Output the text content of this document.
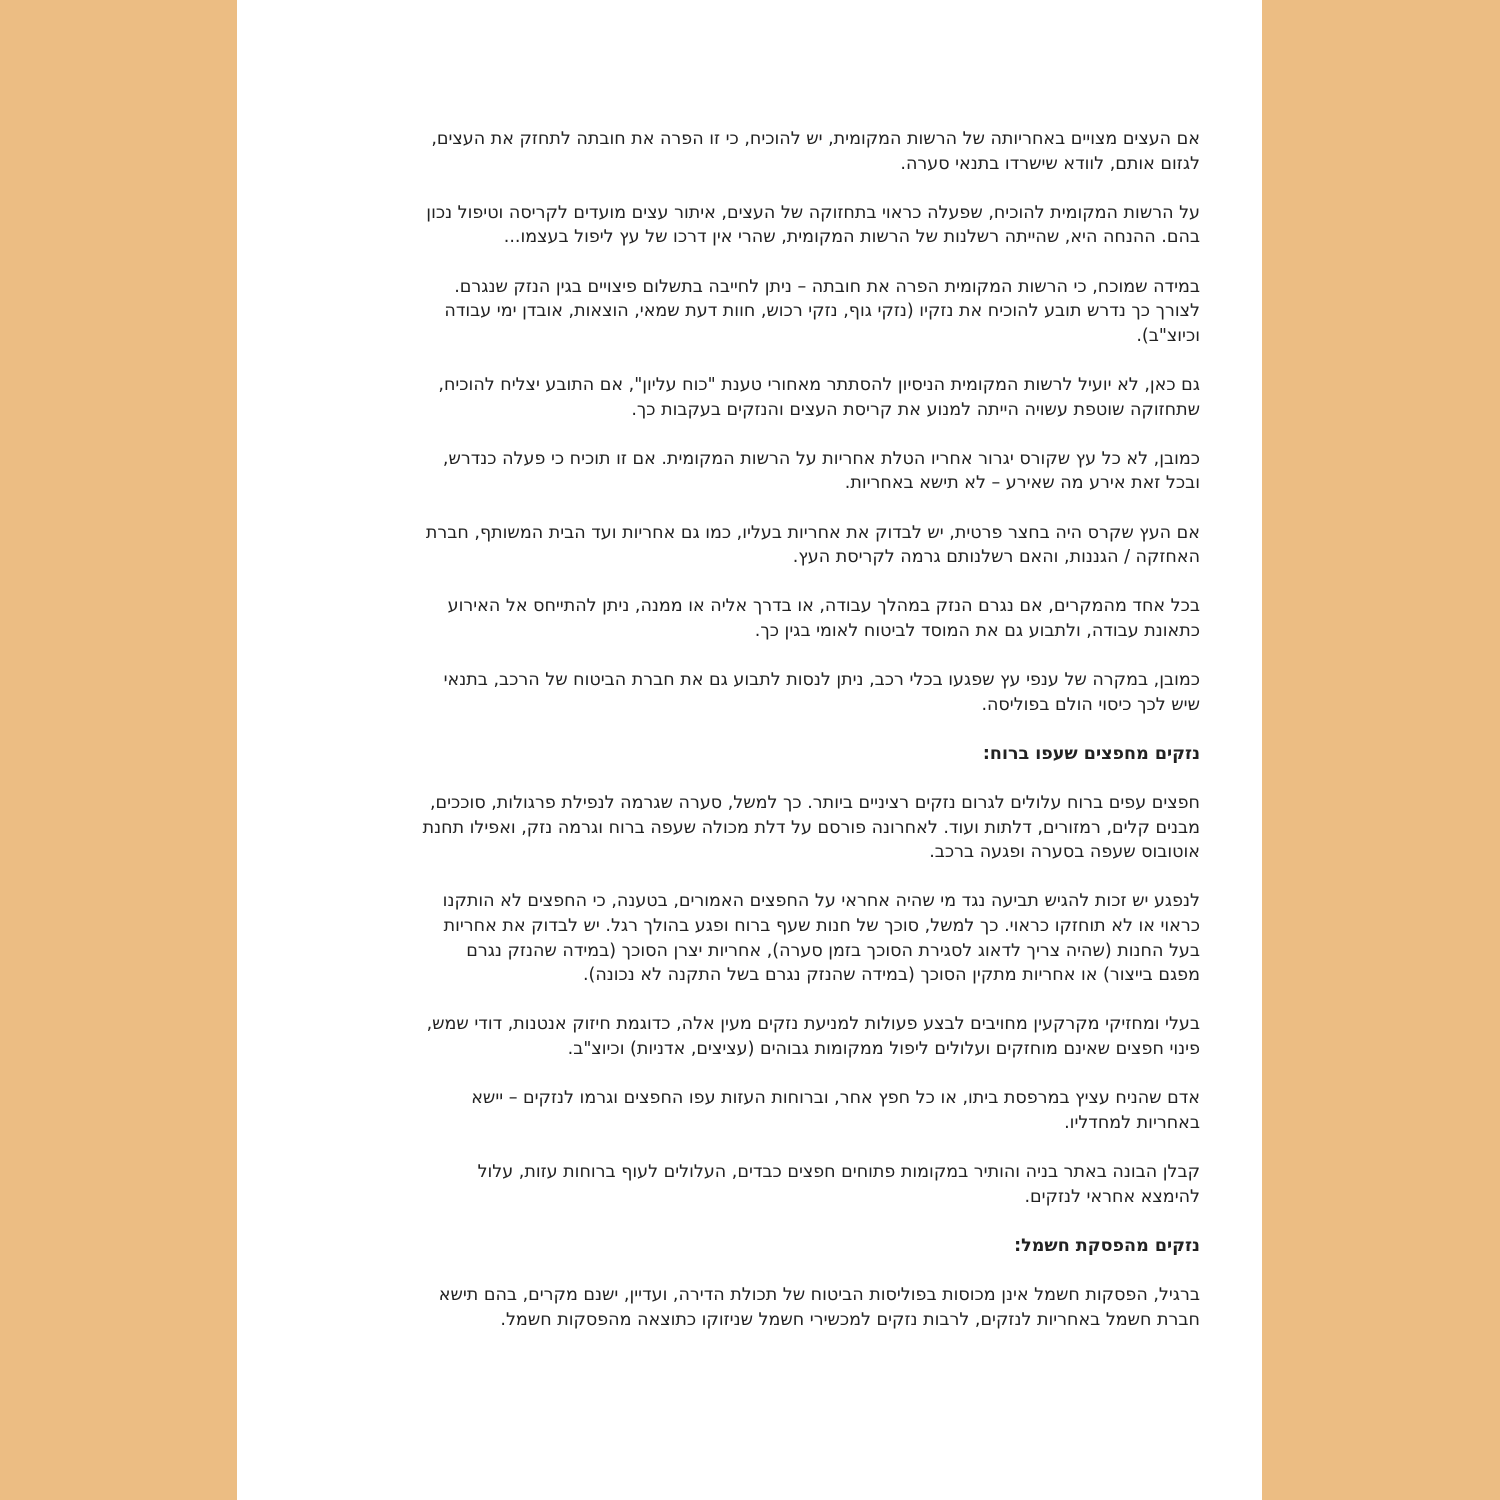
אם העצים מצויים באחריותה של הרשות המקומית, יש להוכיח, כי זו הפרה את חובתה לתחזק את העצים,
לגזום אותם, לוודא שישרדו בתנאי סערה.

על הרשות המקומית להוכיח, שפעלה כראוי בתחזוקה של העצים, איתור עצים מועדים לקריסה וטיפול נכון
בהם. ההנחה היא, שהייתה רשלנות של הרשות המקומית, שהרי אין דרכו של עץ ליפול בעצמו...

במידה שמוכח, כי הרשות המקומית הפרה את חובתה – ניתן לחייבה בתשלום פיצויים בגין הנזק שנגרם.
לצורך כך נדרש תובע להוכיח את נזקיו (נזקי גוף, נזקי רכוש, חוות דעת שמאי, הוצאות, אובדן ימי עבודה
וכיוצ"ב).

גם כאן, לא יועיל לרשות המקומית הניסיון להסתתר מאחורי טענת "כוח עליון", אם התובע יצליח להוכיח,
שתחזוקה שוטפת עשויה הייתה למנוע את קריסת העצים והנזקים בעקבות כך.

כמובן, לא כל עץ שקורס יגרור אחריו הטלת אחריות על הרשות המקומית. אם זו תוכיח כי פעלה כנדרש,
ובכל זאת אירע מה שאירע – לא תישא באחריות.

אם העץ שקרס היה בחצר פרטית, יש לבדוק את אחריות בעליו, כמו גם אחריות ועד הבית המשותף, חברת
האחזקה / הגננות, והאם רשלנותם גרמה לקריסת העץ.

בכל אחד מהמקרים, אם נגרם הנזק במהלך עבודה, או בדרך אליה או ממנה, ניתן להתייחס אל האירוע
כתאונת עבודה, ולתבוע גם את המוסד לביטוח לאומי בגין כך.

כמובן, במקרה של ענפי עץ שפגעו בכלי רכב, ניתן לנסות לתבוע גם את חברת הביטוח של הרכב, בתנאי
שיש לכך כיסוי הולם בפוליסה.

נזקים מחפצים שעפו ברוח:

חפצים עפים ברוח עלולים לגרום נזקים רציניים ביותר. כך למשל, סערה שגרמה לנפילת פרגולות, סוככים,
מבנים קלים, רמזורים, דלתות ועוד. לאחרונה פורסם על דלת מכולה שעפה ברוח וגרמה נזק, ואפילו תחנת
אוטובוס שעפה בסערה ופגעה ברכב.

לנפגע יש זכות להגיש תביעה נגד מי שהיה אחראי על החפצים האמורים, בטענה, כי החפצים לא הותקנו
כראוי או לא תוחזקו כראוי. כך למשל, סוכך של חנות שעף ברוח ופגע בהולך רגל. יש לבדוק את אחריות
בעל החנות (שהיה צריך לדאוג לסגירת הסוכך בזמן סערה), אחריות יצרן הסוכך (במידה שהנזק נגרם
מפגם בייצור) או אחריות מתקין הסוכך (במידה שהנזק נגרם בשל התקנה לא נכונה).

בעלי ומחזיקי מקרקעין מחויבים לבצע פעולות למניעת נזקים מעין אלה, כדוגמת חיזוק אנטנות, דודי שמש,
פינוי חפצים שאינם מוחזקים ועלולים ליפול ממקומות גבוהים (עציצים, אדניות) וכיוצ"ב.

אדם שהניח עציץ במרפסת ביתו, או כל חפץ אחר, וברוחות העזות עפו החפצים וגרמו לנזקים – יישא
באחריות למחדליו.

קבלן הבונה באתר בניה והותיר במקומות פתוחים חפצים כבדים, העלולים לעוף ברוחות עזות, עלול
להימצא אחראי לנזקים.

נזקים מהפסקת חשמל:

ברגיל, הפסקות חשמל אינן מכוסות בפוליסות הביטוח של תכולת הדירה, ועדיין, ישנם מקרים, בהם תישא
חברת חשמל באחריות לנזקים, לרבות נזקים למכשירי חשמל שניזוקו כתוצאה מהפסקות חשמל.
